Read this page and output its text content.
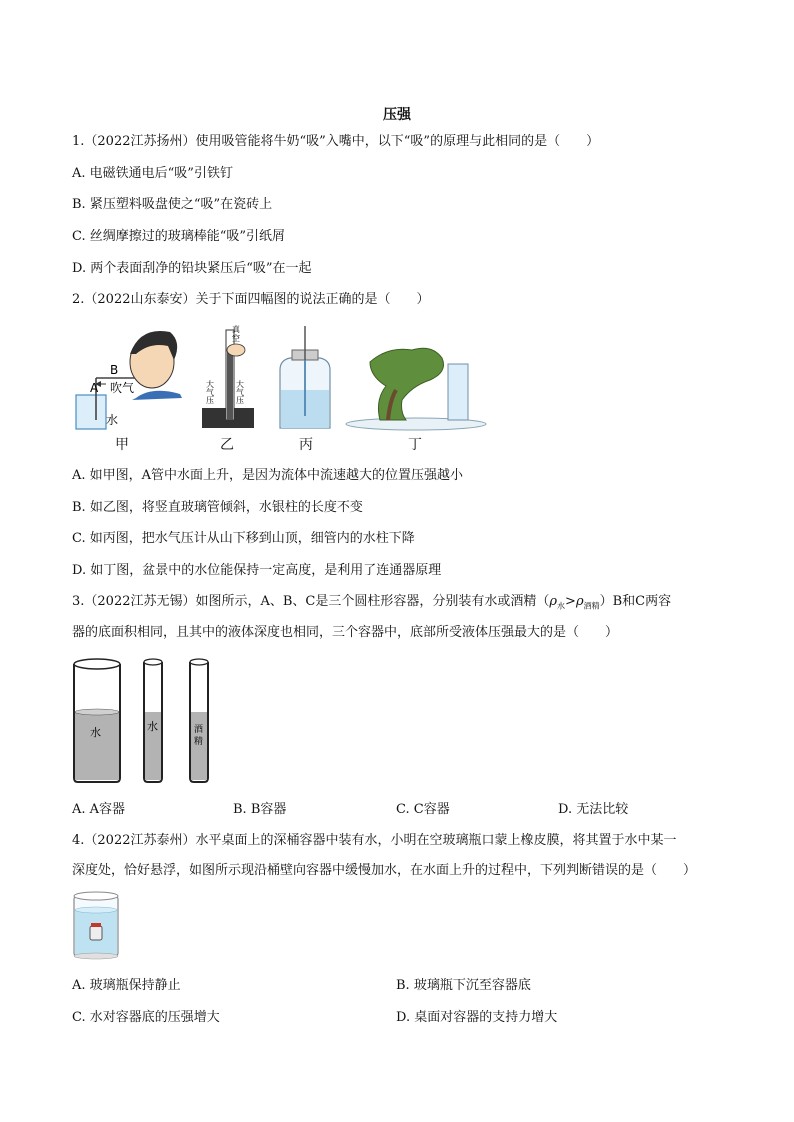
压强
1.（2022江苏扬州）使用吸管能将牛奶“吸”入嘴中，以下“吸”的原理与此相同的是（　　）
A. 电磁铁通电后“吸”引铁钉
B. 紧压塑料吸盘使之“吸”在瓷砖上
C. 丝绸摩擦过的玻璃棒能“吸”引纸屑
D. 两个表面刮净的铅块紧压后“吸”在一起
2.（2022山东泰安）关于下面四幅图的说法正确的是（　　）
B
A 吹气
水
真
空
大气压	大气压
甲	乙	丙	丁
A. 如甲图，A管中水面上升，是因为流体中流速越大的位置压强越小
B. 如乙图，将竖直玻璃管倾斜，水银柱的长度不变
C. 如丙图，把水气压计从山下移到山顶，细管内的水柱下降
D. 如丁图，盆景中的水位能保持一定高度，是利用了连通器原理
3.（2022江苏无锡）如图所示，A、B、C是三个圆柱形容器，分别装有水或酒精$(\rho_水>\rho_{酒精})B$和C两容
器的底面积相同，且其中的液体深度也相同，三个容器中，底部所受液体压强最大的是（　　）
水	水	酒
精
A. A容器	B. B容器	C. C容器	D. 无法比较
4.（2022江苏泰州）水平桌面上的深桶容器中装有水，小明在空玻璃瓶口蒙上橡皮膜，将其置于水中某一
深度处，恰好悬浮，如图所示现沿桶壁向容器中缓慢加水，在水面上升的过程中，下列判断错误的是（　　）
A. 玻璃瓶保持静止	B. 玻璃瓶下沉至容器底
C. 水对容器底的压强增大	D. 桌面对容器的支持力增大
